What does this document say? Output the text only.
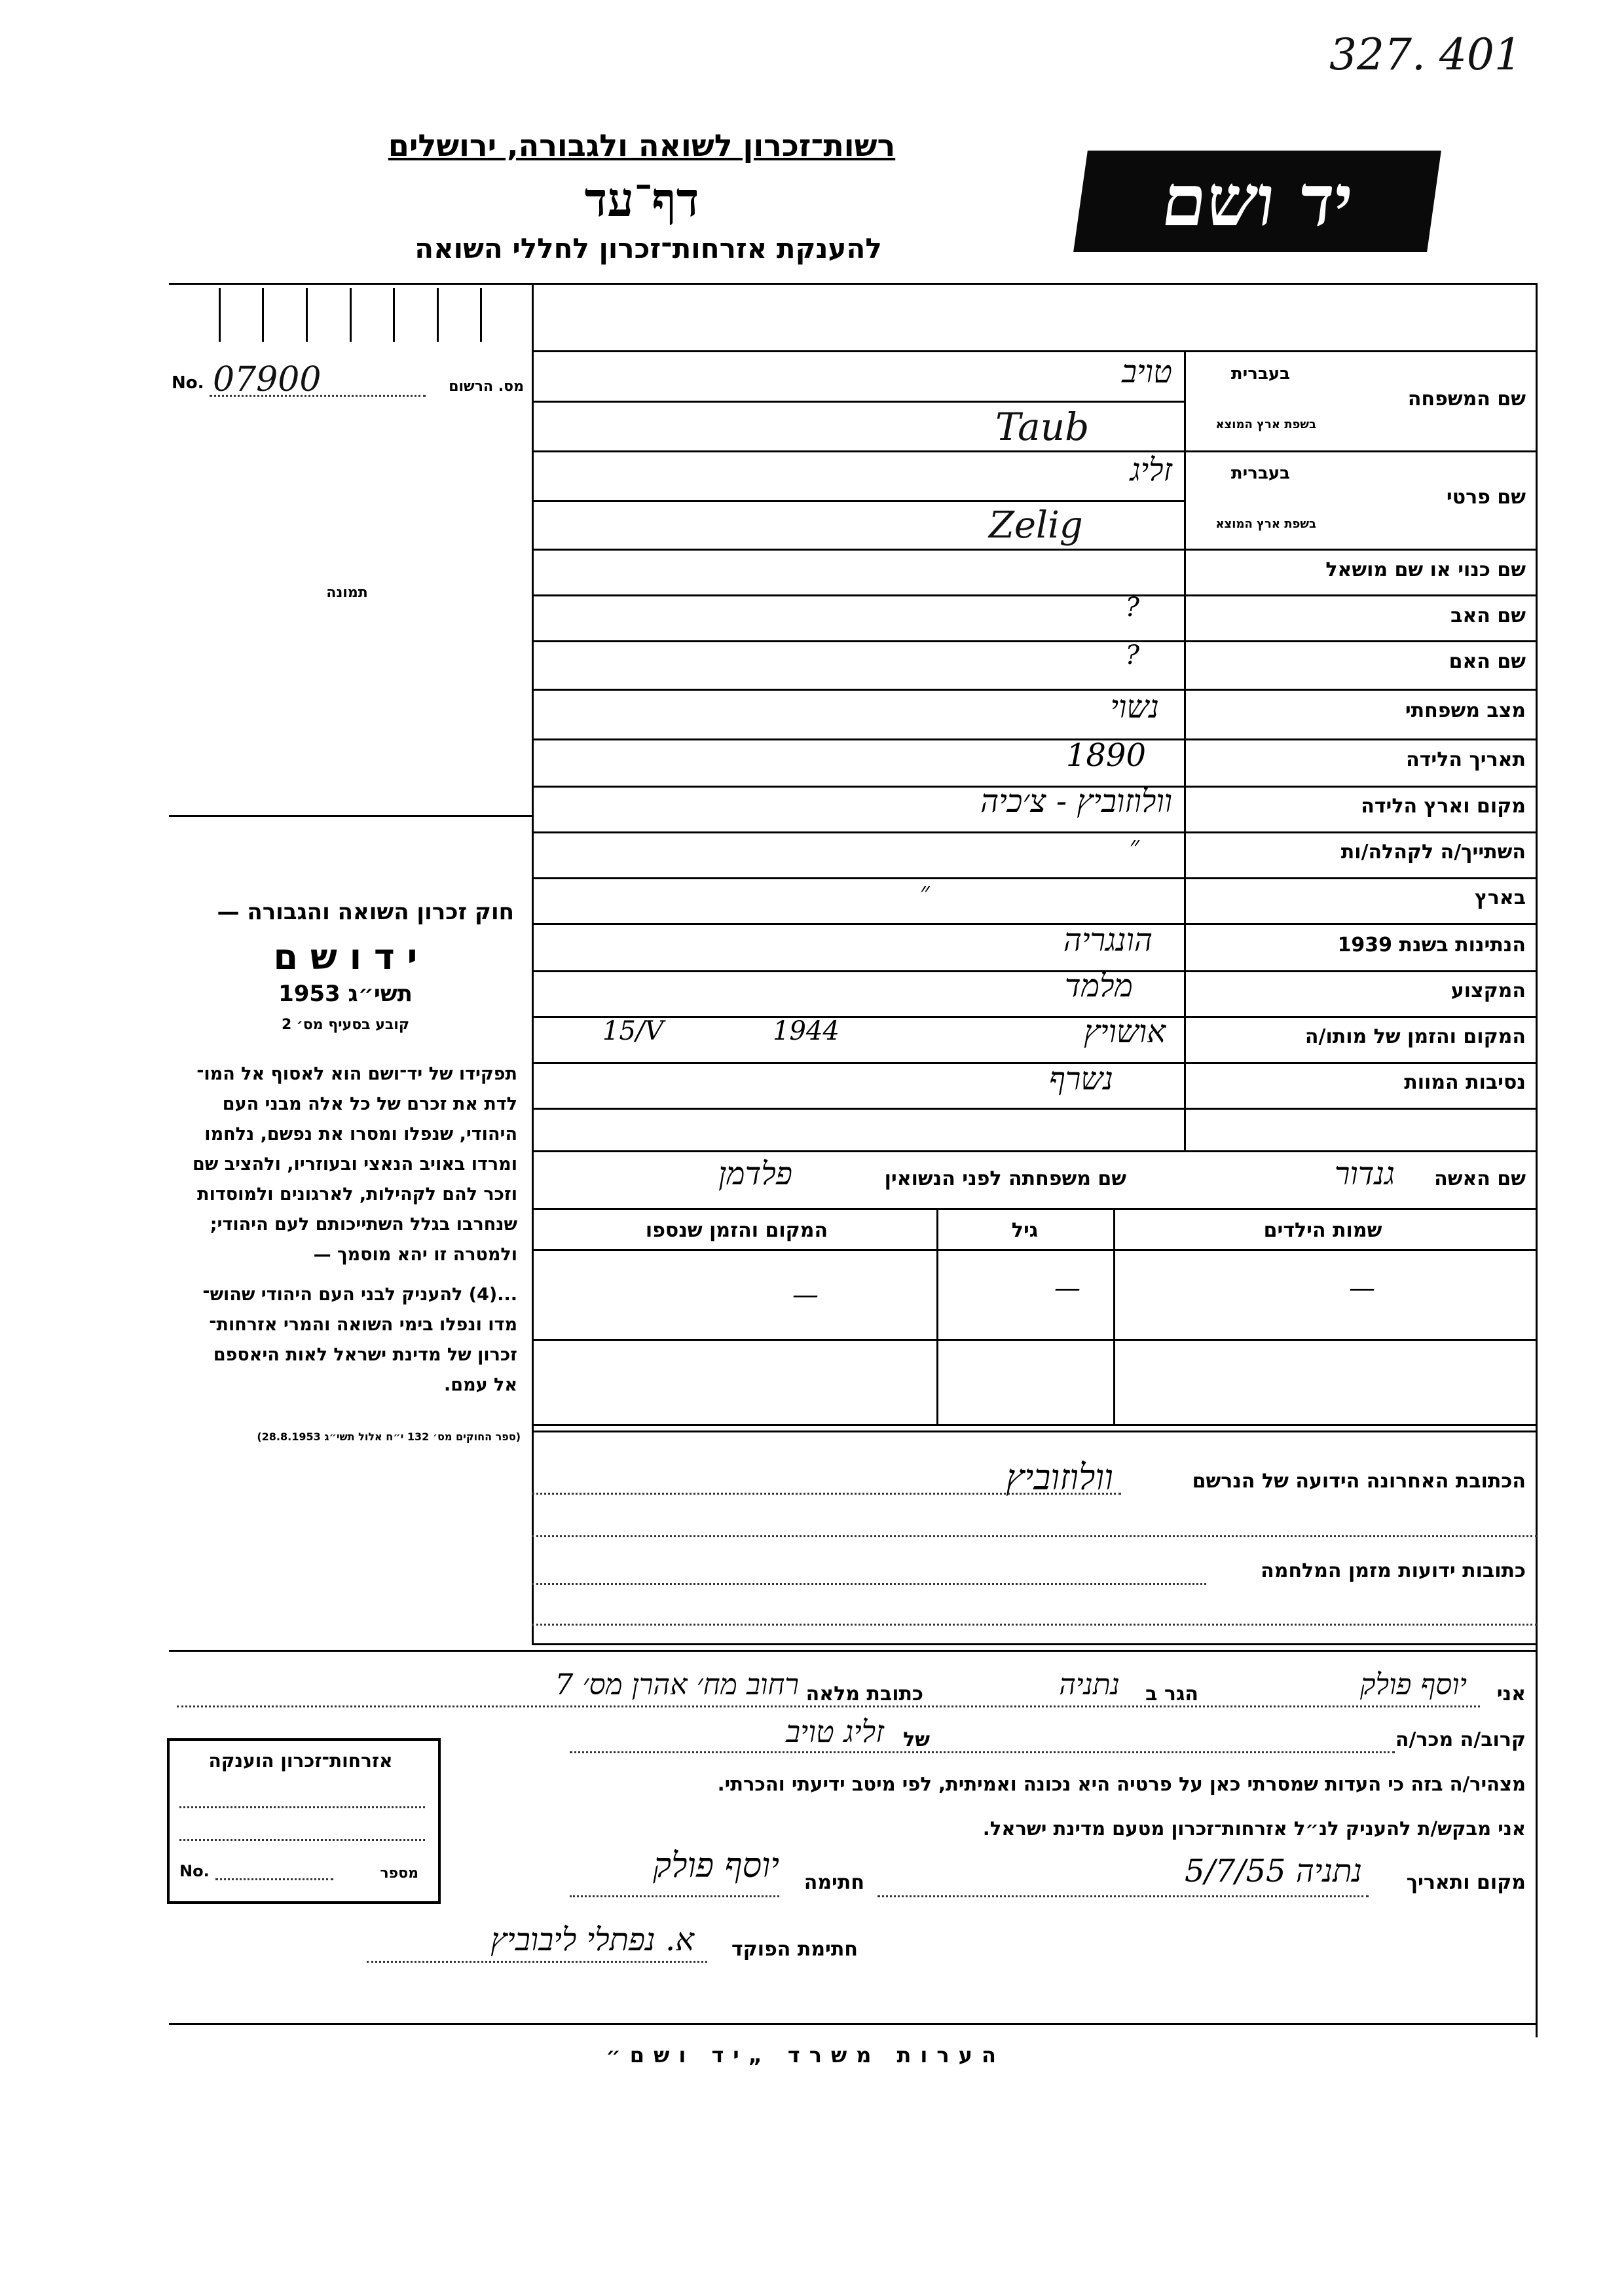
327. 401
רשות־זכרון לשואה ולגבורה, ירושלים
דף־עד
להענקת אזרחות־זכרון לחללי השואה
יד ושם
No. 07900	מס. הרשום
תמונה
חוק זכרון השואה והגבורה —
י ד ו ש ם
תשי״ג 1953
קובע בסעיף מס׳ 2
תפקידו של יד־ושם הוא לאסוף אל המו־
לדת את זכרם של כל אלה מבני העם
היהודי, שנפלו ומסרו את נפשם, נלחמו
ומרדו באויב הנאצי ובעוזריו, ולהציב שם
וזכר להם לקהילות, לארגונים ולמוסדות
שנחרבו בגלל השתייכותם לעם היהודי;
ולמטרה זו יהא מוסמך —
...(4) להעניק לבני העם היהודי שהוש־
מדו ונפלו בימי השואה והמרי אזרחות־
זכרון של מדינת ישראל לאות היאספם
אל עמם.
(ספר החוקים מס׳ 132 י״ח אלול תשי״ג 28.8.1953)
שם המשפחה
בעברית
בשפת ארץ המוצא
טויב
Taub
שם פרטי
בעברית
בשפת ארץ המוצא
זליג
Zelig
שם כנוי או שם מושאל
שם האב
?
שם האם
?
מצב משפחתי
נשוי
תאריך הלידה
1890
מקום וארץ הלידה
וולוזוביץ - צ׳כיה
השתייך/ה לקהלה/ות
״
בארץ
״
הנתינות בשנת 1939
הונגריה
המקצוע
מלמד
המקום והזמן של מותו/ה
אושויץ
1944
15/V
נסיבות המוות
נשרף
שם האשה
גנדור
שם משפחתה לפני הנשואין
פלדמן
שמות הילדים
גיל
המקום והזמן שנספו
—
—
—
הכתובת האחרונה הידועה של הנרשם
וולוזוביץ
כתובות ידועות מזמן המלחמה
אני
יוסף פולק
הגר ב
נתניה
כתובת מלאה
רחוב מח׳ אהרן מס׳ 7
קרוב/ה מכר/ה
של
זליג טויב
מצהיר/ה בזה כי העדות שמסרתי כאן על פרטיה היא נכונה ואמיתית, לפי מיטב ידיעתי והכרתי.
אני מבקש/ת להעניק לנ״ל אזרחות־זכרון מטעם מדינת ישראל.
מקום ותאריך
נתניה 5/7/55
חתימה
יוסף פולק
חתימת הפוקד
א. נפתלי ליבוביץ
אזרחות־זכרון הוענקה
No.	מספר
הערות משרד „יד ושם״
